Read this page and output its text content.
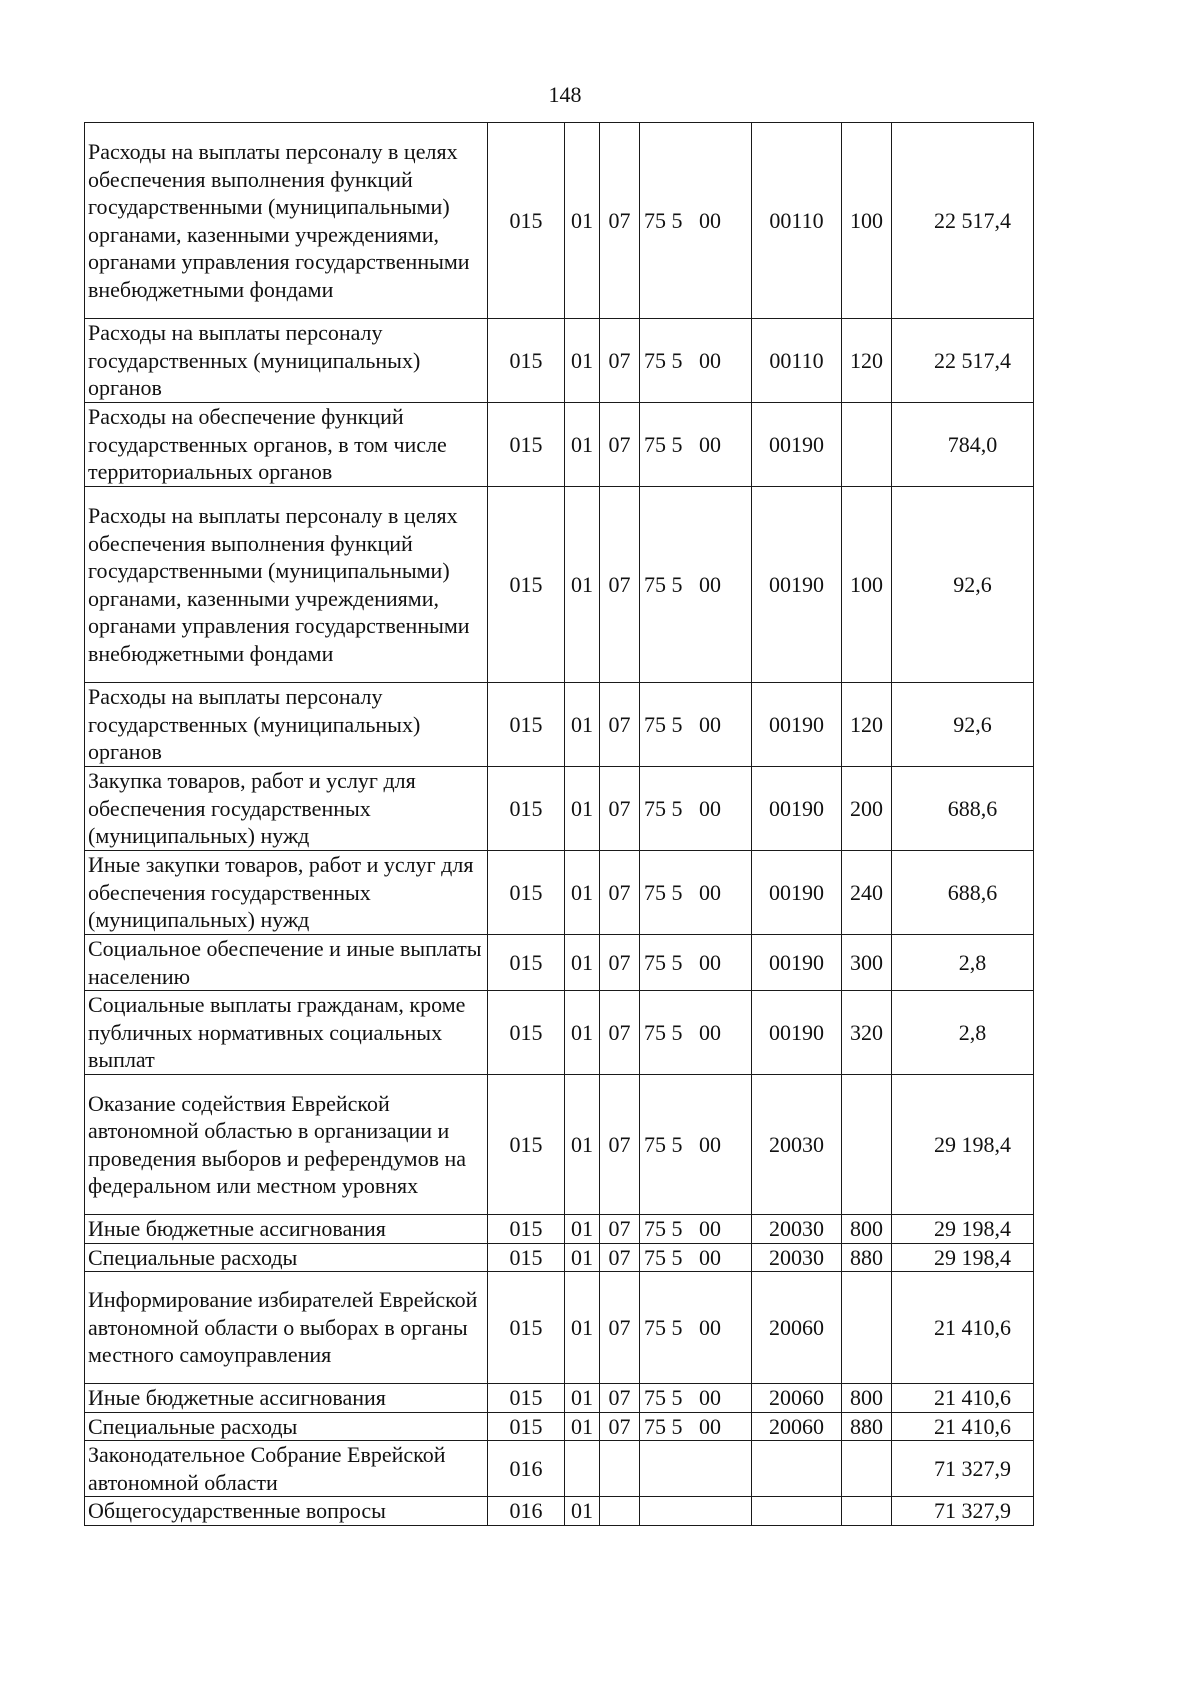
148
Расходы на выплаты персоналу в целях обеспечения выполнения функций государственными (муниципальными) органами, казенными учреждениями, органами управления государственными внебюджетными фондами	015	01	07	75 5   00	00110	100	22 517,4
Расходы на выплаты персоналу государственных (муниципальных) органов	015	01	07	75 5   00	00110	120	22 517,4
Расходы на обеспечение функций государственных органов, в том числе территориальных органов	015	01	07	75 5   00	00190		784,0
Расходы на выплаты персоналу в целях обеспечения выполнения функций государственными (муниципальными) органами, казенными учреждениями, органами управления государственными внебюджетными фондами	015	01	07	75 5   00	00190	100	92,6
Расходы на выплаты персоналу государственных (муниципальных) органов	015	01	07	75 5   00	00190	120	92,6
Закупка товаров, работ и услуг для обеспечения государственных (муниципальных) нужд	015	01	07	75 5   00	00190	200	688,6
Иные закупки товаров, работ и услуг для обеспечения государственных (муниципальных) нужд	015	01	07	75 5   00	00190	240	688,6
Социальное обеспечение и иные выплаты населению	015	01	07	75 5   00	00190	300	2,8
Социальные выплаты гражданам, кроме публичных нормативных социальных выплат	015	01	07	75 5   00	00190	320	2,8
Оказание содействия Еврейской автономной областью в организации и проведения выборов и референдумов на федеральном или местном уровнях	015	01	07	75 5   00	20030		29 198,4
Иные бюджетные ассигнования	015	01	07	75 5   00	20030	800	29 198,4
Специальные расходы	015	01	07	75 5   00	20030	880	29 198,4
Информирование избирателей Еврейской автономной области о выборах в органы местного самоуправления	015	01	07	75 5   00	20060		21 410,6
Иные бюджетные ассигнования	015	01	07	75 5   00	20060	800	21 410,6
Специальные расходы	015	01	07	75 5   00	20060	880	21 410,6
Законодательное Собрание Еврейской автономной области	016						71 327,9
Общегосударственные вопросы	016	01					71 327,9
